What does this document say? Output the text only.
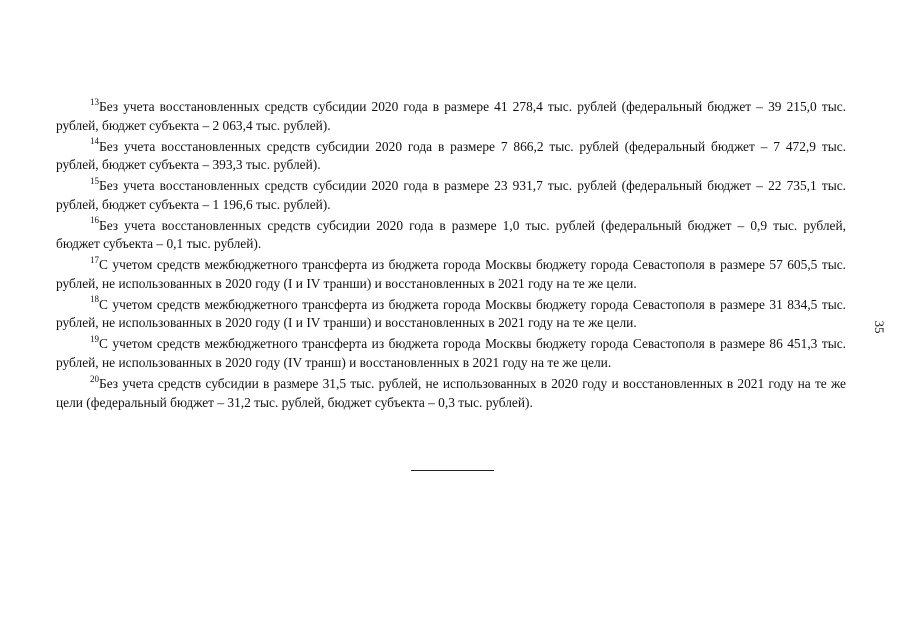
$^{13}$Без учета восстановленных средств субсидии 2020 года в размере 41 278,4 тыс. рублей (федеральный бюджет – 39 215,0 тыс. рублей, бюджет субъекта – 2 063,4 тыс. рублей).

$^{14}$Без учета восстановленных средств субсидии 2020 года в размере 7 866,2 тыс. рублей (федеральный бюджет – 7 472,9 тыс. рублей, бюджет субъекта – 393,3 тыс. рублей).

$^{15}$Без учета восстановленных средств субсидии 2020 года в размере 23 931,7 тыс. рублей (федеральный бюджет – 22 735,1 тыс. рублей, бюджет субъекта – 1 196,6 тыс. рублей).

$^{16}$Без учета восстановленных средств субсидии 2020 года в размере 1,0 тыс. рублей (федеральный бюджет – 0,9 тыс. рублей, бюджет субъекта – 0,1 тыс. рублей).

$^{17}$С учетом средств межбюджетного трансферта из бюджета города Москвы бюджету города Севастополя в размере 57 605,5 тыс. рублей, не использованных в 2020 году (I и IV транши) и восстановленных в 2021 году на те же цели.

$^{18}$С учетом средств межбюджетного трансферта из бюджета города Москвы бюджету города Севастополя в размере 31 834,5 тыс. рублей, не использованных в 2020 году (I и IV транши) и восстановленных в 2021 году на те же цели.

$^{19}$С учетом средств межбюджетного трансферта из бюджета города Москвы бюджету города Севастополя в размере 86 451,3 тыс. рублей, не использованных в 2020 году (IV транш) и восстановленных в 2021 году на те же цели.

$^{20}$Без учета средств субсидии в размере 31,5 тыс. рублей, не использованных в 2020 году и восстановленных в 2021 году на те же цели (федеральный бюджет – 31,2 тыс. рублей, бюджет субъекта – 0,3 тыс. рублей).

35
